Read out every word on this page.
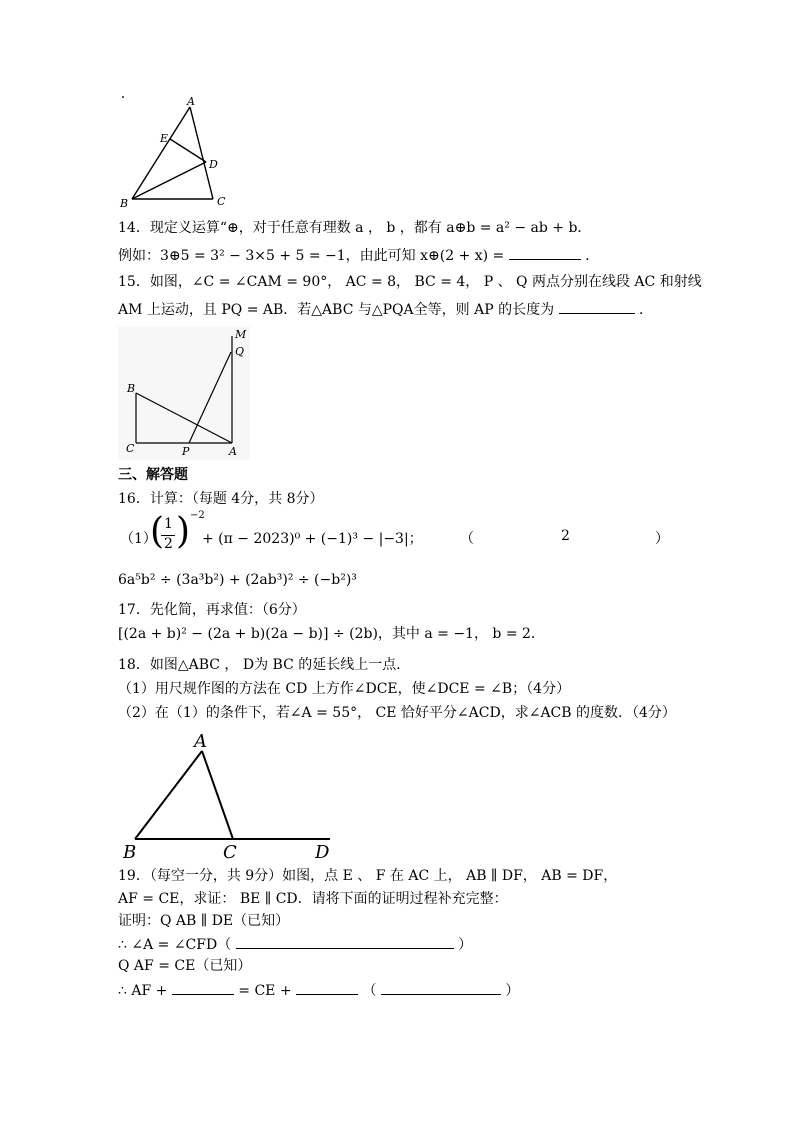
A
E
D
B	C
14．现定义运算“⊕，对于任意有理数 a ， b ，都有 a⊕b = a² − ab + b．
例如：3⊕5 = 3² − 3×5 + 5 = −1，由此可知 x⊕(2 + x) =	．
15．如图，∠C = ∠CAM = 90°， AC = 8， BC = 4， P 、 Q 两点分别在线段 AC 和射线
AM 上运动，且 PQ = AB．若△ABC 与△PQA全等，则 AP 的长度为	．
M
Q
B
C	P	A
三、解答题
16．计算：（每题 4分，共 8分）
（1）
( 1
2 ) −2
+ (π − 2023)⁰ + (−1)³ − |−3|；	（	2	）
6a⁵b² ÷ (3a³b²) + (2ab³)² ÷ (−b²)³
17．先化简，再求值：（6分）
[(2a + b)² − (2a + b)(2a − b)] ÷ (2b)，其中 a = −1， b = 2．
18．如图△ABC ， D为 BC 的延长线上一点．
（1）用尺规作图的方法在 CD 上方作∠DCE，使∠DCE = ∠B；（4分）
（2）在（1）的条件下，若∠A = 55°， CE 恰好平分∠ACD，求∠ACB 的度数．（4分）
A
B	C	D
19．（每空一分，共 9分）如图，点 E 、 F 在 AC 上， AB ∥ DF， AB = DF，
AF = CE，求证： BE ∥ CD．请将下面的证明过程补充完整：
证明：Q AB ∥ DE（已知）
∴ ∠A = ∠CFD（	）
Q AF = CE（已知）
∴ AF +	= CE +	（	）
